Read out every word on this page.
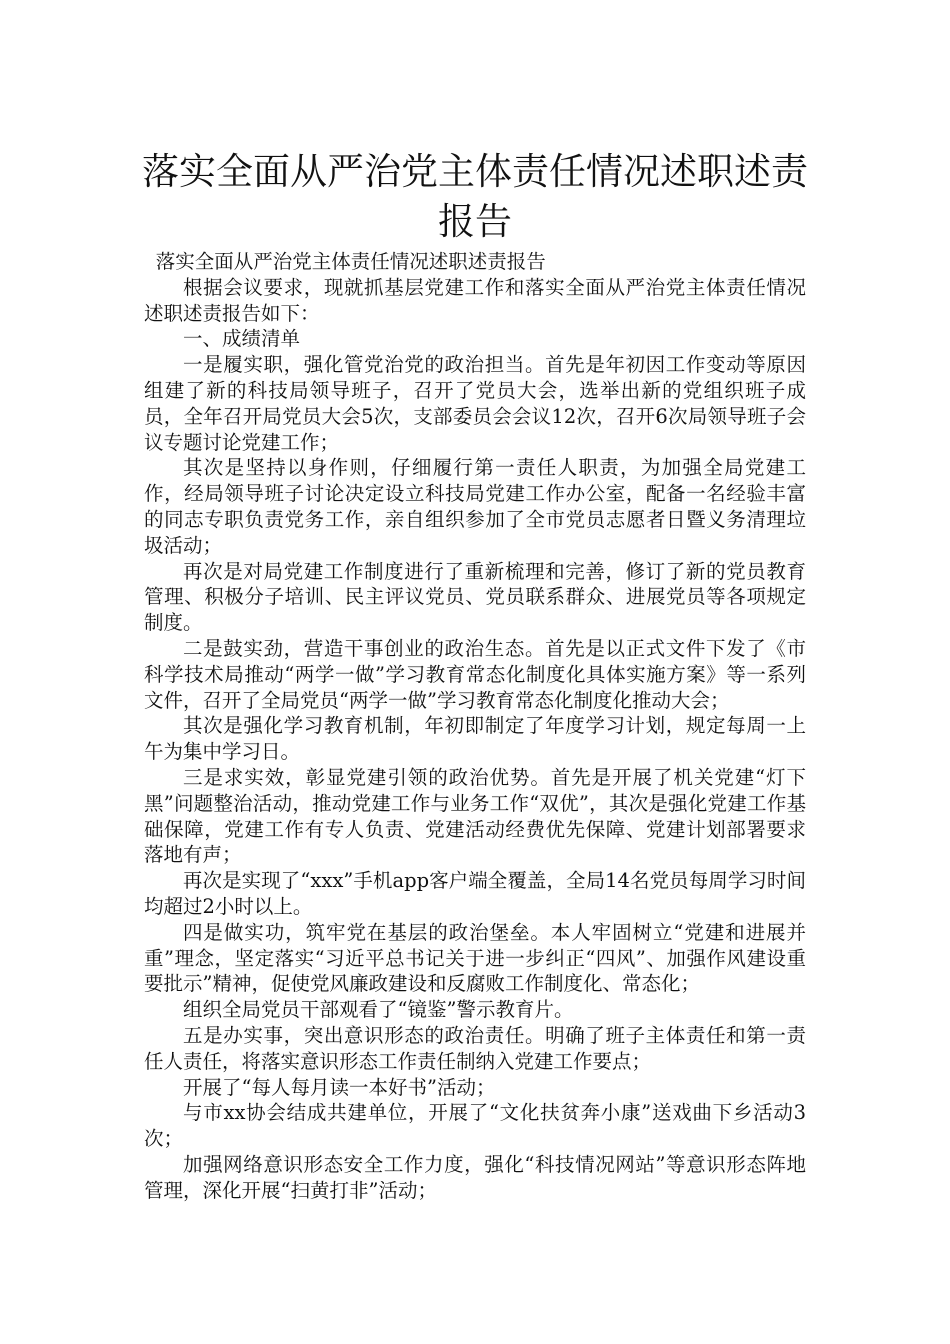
落实全面从严治党主体责任情况述职述责
报告

落实全面从严治党主体责任情况述职述责报告

根据会议要求，现就抓基层党建工作和落实全面从严治党主体责任情况述职述责报告如下：

一、成绩清单

一是履实职，强化管党治党的政治担当。首先是年初因工作变动等原因组建了新的科技局领导班子，召开了党员大会，选举出新的党组织班子成员，全年召开局党员大会5次，支部委员会会议12次，召开6次局领导班子会议专题讨论党建工作；

其次是坚持以身作则，仔细履行第一责任人职责，为加强全局党建工作，经局领导班子讨论决定设立科技局党建工作办公室，配备一名经验丰富的同志专职负责党务工作，亲自组织参加了全市党员志愿者日暨义务清理垃圾活动；

再次是对局党建工作制度进行了重新梳理和完善，修订了新的党员教育管理、积极分子培训、民主评议党员、党员联系群众、进展党员等各项规定制度。

二是鼓实劲，营造干事创业的政治生态。首先是以正式文件下发了《市科学技术局推动“两学一做”学习教育常态化制度化具体实施方案》等一系列文件，召开了全局党员“两学一做”学习教育常态化制度化推动大会；

其次是强化学习教育机制，年初即制定了年度学习计划，规定每周一上午为集中学习日。

三是求实效，彰显党建引领的政治优势。首先是开展了机关党建“灯下黑”问题整治活动，推动党建工作与业务工作“双优”，其次是强化党建工作基础保障，党建工作有专人负责、党建活动经费优先保障、党建计划部署要求落地有声；

再次是实现了“xxx”手机app客户端全覆盖，全局14名党员每周学习时间均超过2小时以上。

四是做实功，筑牢党在基层的政治堡垒。本人牢固树立“党建和进展并重”理念，坚定落实“习近平总书记关于进一步纠正“四风”、加强作风建设重要批示”精神，促使党风廉政建设和反腐败工作制度化、常态化；

组织全局党员干部观看了“镜鉴”警示教育片。

五是办实事，突出意识形态的政治责任。明确了班子主体责任和第一责任人责任，将落实意识形态工作责任制纳入党建工作要点；

开展了“每人每月读一本好书”活动；

与市xx协会结成共建单位，开展了“文化扶贫奔小康”送戏曲下乡活动3次；

加强网络意识形态安全工作力度，强化“科技情况网站”等意识形态阵地管理，深化开展“扫黄打非”活动；
